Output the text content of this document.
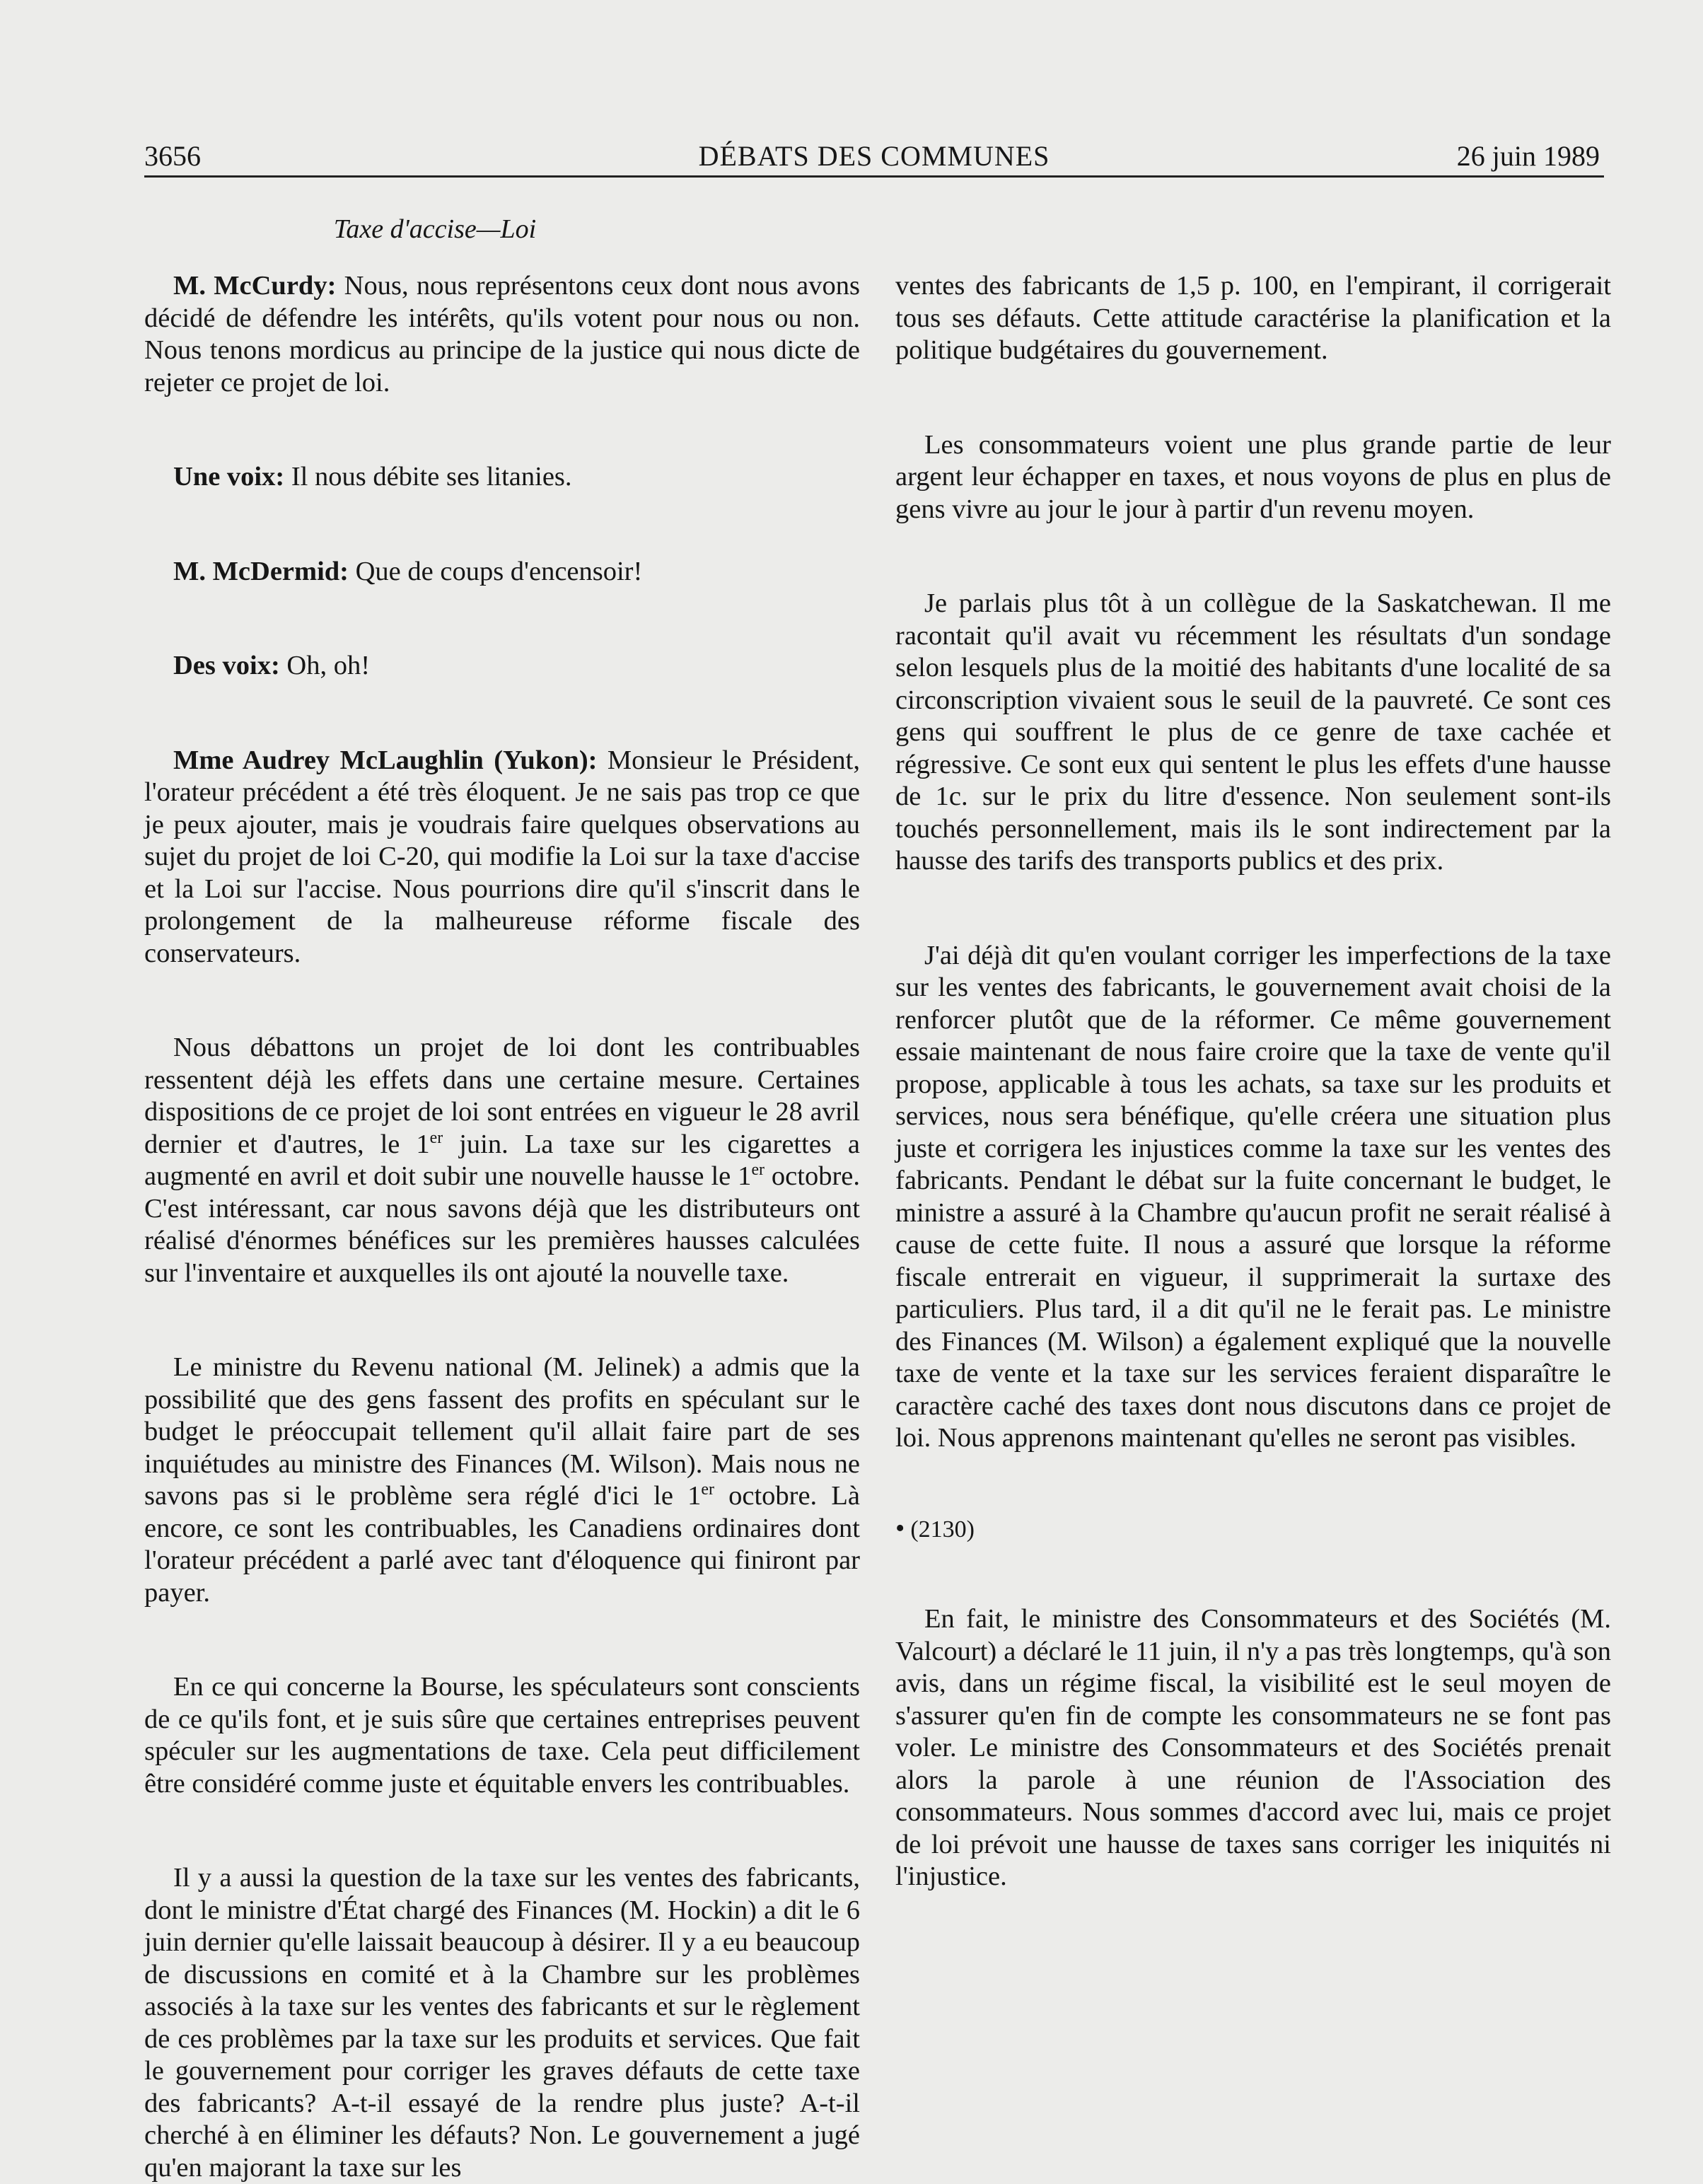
3656	DÉBATS DES COMMUNES	26 juin 1989
Taxe d'accise—Loi

M. McCurdy: Nous, nous représentons ceux dont nous avons décidé de défendre les intérêts, qu'ils votent pour nous ou non. Nous tenons mordicus au principe de la justice qui nous dicte de rejeter ce projet de loi.

Une voix: Il nous débite ses litanies.

M. McDermid: Que de coups d'encensoir!

Des voix: Oh, oh!

Mme Audrey McLaughlin (Yukon): Monsieur le Président, l'orateur précédent a été très éloquent. Je ne sais pas trop ce que je peux ajouter, mais je voudrais faire quelques observations au sujet du projet de loi C-20, qui modifie la Loi sur la taxe d'accise et la Loi sur l'accise. Nous pourrions dire qu'il s'inscrit dans le prolongement de la malheureuse réforme fiscale des conservateurs.

Nous débattons un projet de loi dont les contribuables ressentent déjà les effets dans une certaine mesure. Certaines dispositions de ce projet de loi sont entrées en vigueur le 28 avril dernier et d'autres, le 1er juin. La taxe sur les cigarettes a augmenté en avril et doit subir une nouvelle hausse le 1er octobre. C'est intéressant, car nous savons déjà que les distributeurs ont réalisé d'énormes bénéfices sur les premières hausses calculées sur l'inventaire et auxquelles ils ont ajouté la nouvelle taxe.

Le ministre du Revenu national (M. Jelinek) a admis que la possibilité que des gens fassent des profits en spéculant sur le budget le préoccupait tellement qu'il allait faire part de ses inquiétudes au ministre des Finances (M. Wilson). Mais nous ne savons pas si le problème sera réglé d'ici le 1er octobre. Là encore, ce sont les contribuables, les Canadiens ordinaires dont l'orateur précédent a parlé avec tant d'éloquence qui finiront par payer.

En ce qui concerne la Bourse, les spéculateurs sont conscients de ce qu'ils font, et je suis sûre que certaines entreprises peuvent spéculer sur les augmentations de taxe. Cela peut difficilement être considéré comme juste et équitable envers les contribuables.

Il y a aussi la question de la taxe sur les ventes des fabricants, dont le ministre d'État chargé des Finances (M. Hockin) a dit le 6 juin dernier qu'elle laissait beaucoup à désirer. Il y a eu beaucoup de discussions en comité et à la Chambre sur les problèmes associés à la taxe sur les ventes des fabricants et sur le règlement de ces problèmes par la taxe sur les produits et services. Que fait le gouvernement pour corriger les graves défauts de cette taxe des fabricants? A-t-il essayé de la rendre plus juste? A-t-il cherché à en éliminer les défauts? Non. Le gouvernement a jugé qu'en majorant la taxe sur les

ventes des fabricants de 1,5 p. 100, en l'empirant, il corrigerait tous ses défauts. Cette attitude caractérise la planification et la politique budgétaires du gouvernement.

Les consommateurs voient une plus grande partie de leur argent leur échapper en taxes, et nous voyons de plus en plus de gens vivre au jour le jour à partir d'un revenu moyen.

Je parlais plus tôt à un collègue de la Saskatchewan. Il me racontait qu'il avait vu récemment les résultats d'un sondage selon lesquels plus de la moitié des habitants d'une localité de sa circonscription vivaient sous le seuil de la pauvreté. Ce sont ces gens qui souffrent le plus de ce genre de taxe cachée et régressive. Ce sont eux qui sentent le plus les effets d'une hausse de 1c. sur le prix du litre d'essence. Non seulement sont-ils touchés personnellement, mais ils le sont indirectement par la hausse des tarifs des transports publics et des prix.

J'ai déjà dit qu'en voulant corriger les imperfections de la taxe sur les ventes des fabricants, le gouvernement avait choisi de la renforcer plutôt que de la réformer. Ce même gouvernement essaie maintenant de nous faire croire que la taxe de vente qu'il propose, applicable à tous les achats, sa taxe sur les produits et services, nous sera bénéfique, qu'elle créera une situation plus juste et corrigera les injustices comme la taxe sur les ventes des fabricants. Pendant le débat sur la fuite concernant le budget, le ministre a assuré à la Chambre qu'aucun profit ne serait réalisé à cause de cette fuite. Il nous a assuré que lorsque la réforme fiscale entrerait en vigueur, il supprimerait la surtaxe des particuliers. Plus tard, il a dit qu'il ne le ferait pas. Le ministre des Finances (M. Wilson) a également expliqué que la nouvelle taxe de vente et la taxe sur les services feraient disparaître le caractère caché des taxes dont nous discutons dans ce projet de loi. Nous apprenons maintenant qu'elles ne seront pas visibles.

• (2130)

En fait, le ministre des Consommateurs et des Sociétés (M. Valcourt) a déclaré le 11 juin, il n'y a pas très longtemps, qu'à son avis, dans un régime fiscal, la visibilité est le seul moyen de s'assurer qu'en fin de compte les consommateurs ne se font pas voler. Le ministre des Consommateurs et des Sociétés prenait alors la parole à une réunion de l'Association des consommateurs. Nous sommes d'accord avec lui, mais ce projet de loi prévoit une hausse de taxes sans corriger les iniquités ni l'injustice.
